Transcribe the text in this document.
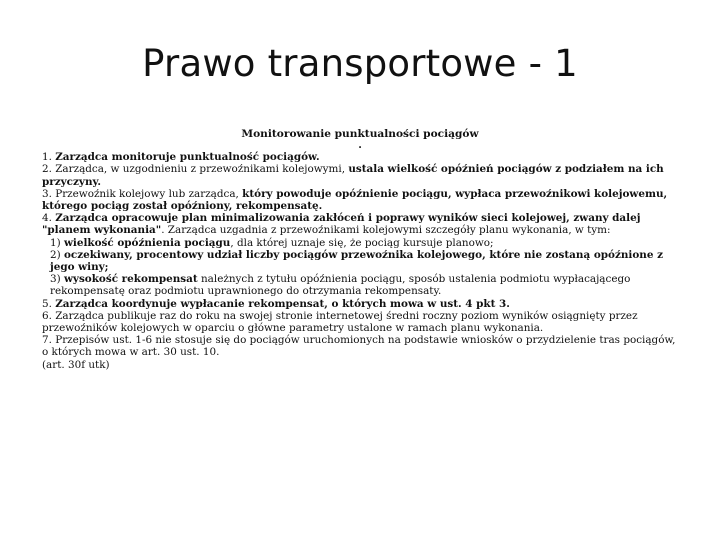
Prawo transportowe - 1

Monitorowanie punktualności pociągów

.

1. Zarządca monitoruje punktualność pociągów.

2. Zarządca, w uzgodnieniu z przewoźnikami kolejowymi, ustala wielkość opóźnień pociągów z podziałem na ich przyczyny.

3. Przewoźnik kolejowy lub zarządca, który powoduje opóźnienie pociągu, wypłaca przewoźnikowi kolejowemu, którego pociąg został opóźniony, rekompensatę.

4. Zarządca opracowuje plan minimalizowania zakłóceń i poprawy wyników sieci kolejowej, zwany dalej "planem wykonania". Zarządca uzgadnia z przewoźnikami kolejowymi szczegóły planu wykonania, w tym:

1) wielkość opóźnienia pociągu, dla której uznaje się, że pociąg kursuje planowo;

2) oczekiwany, procentowy udział liczby pociągów przewoźnika kolejowego, które nie zostaną opóźnione z jego winy;

3) wysokość rekompensat należnych z tytułu opóźnienia pociągu, sposób ustalenia podmiotu wypłacającego rekompensatę oraz podmiotu uprawnionego do otrzymania rekompensaty.

5. Zarządca koordynuje wypłacanie rekompensat, o których mowa w ust. 4 pkt 3.

6. Zarządca publikuje raz do roku na swojej stronie internetowej średni roczny poziom wyników osiągnięty przez przewoźników kolejowych w oparciu o główne parametry ustalone w ramach planu wykonania.

7. Przepisów ust. 1-6 nie stosuje się do pociągów uruchomionych na podstawie wniosków o przydzielenie tras pociągów, o których mowa w art. 30 ust. 10.

(art. 30f utk)
